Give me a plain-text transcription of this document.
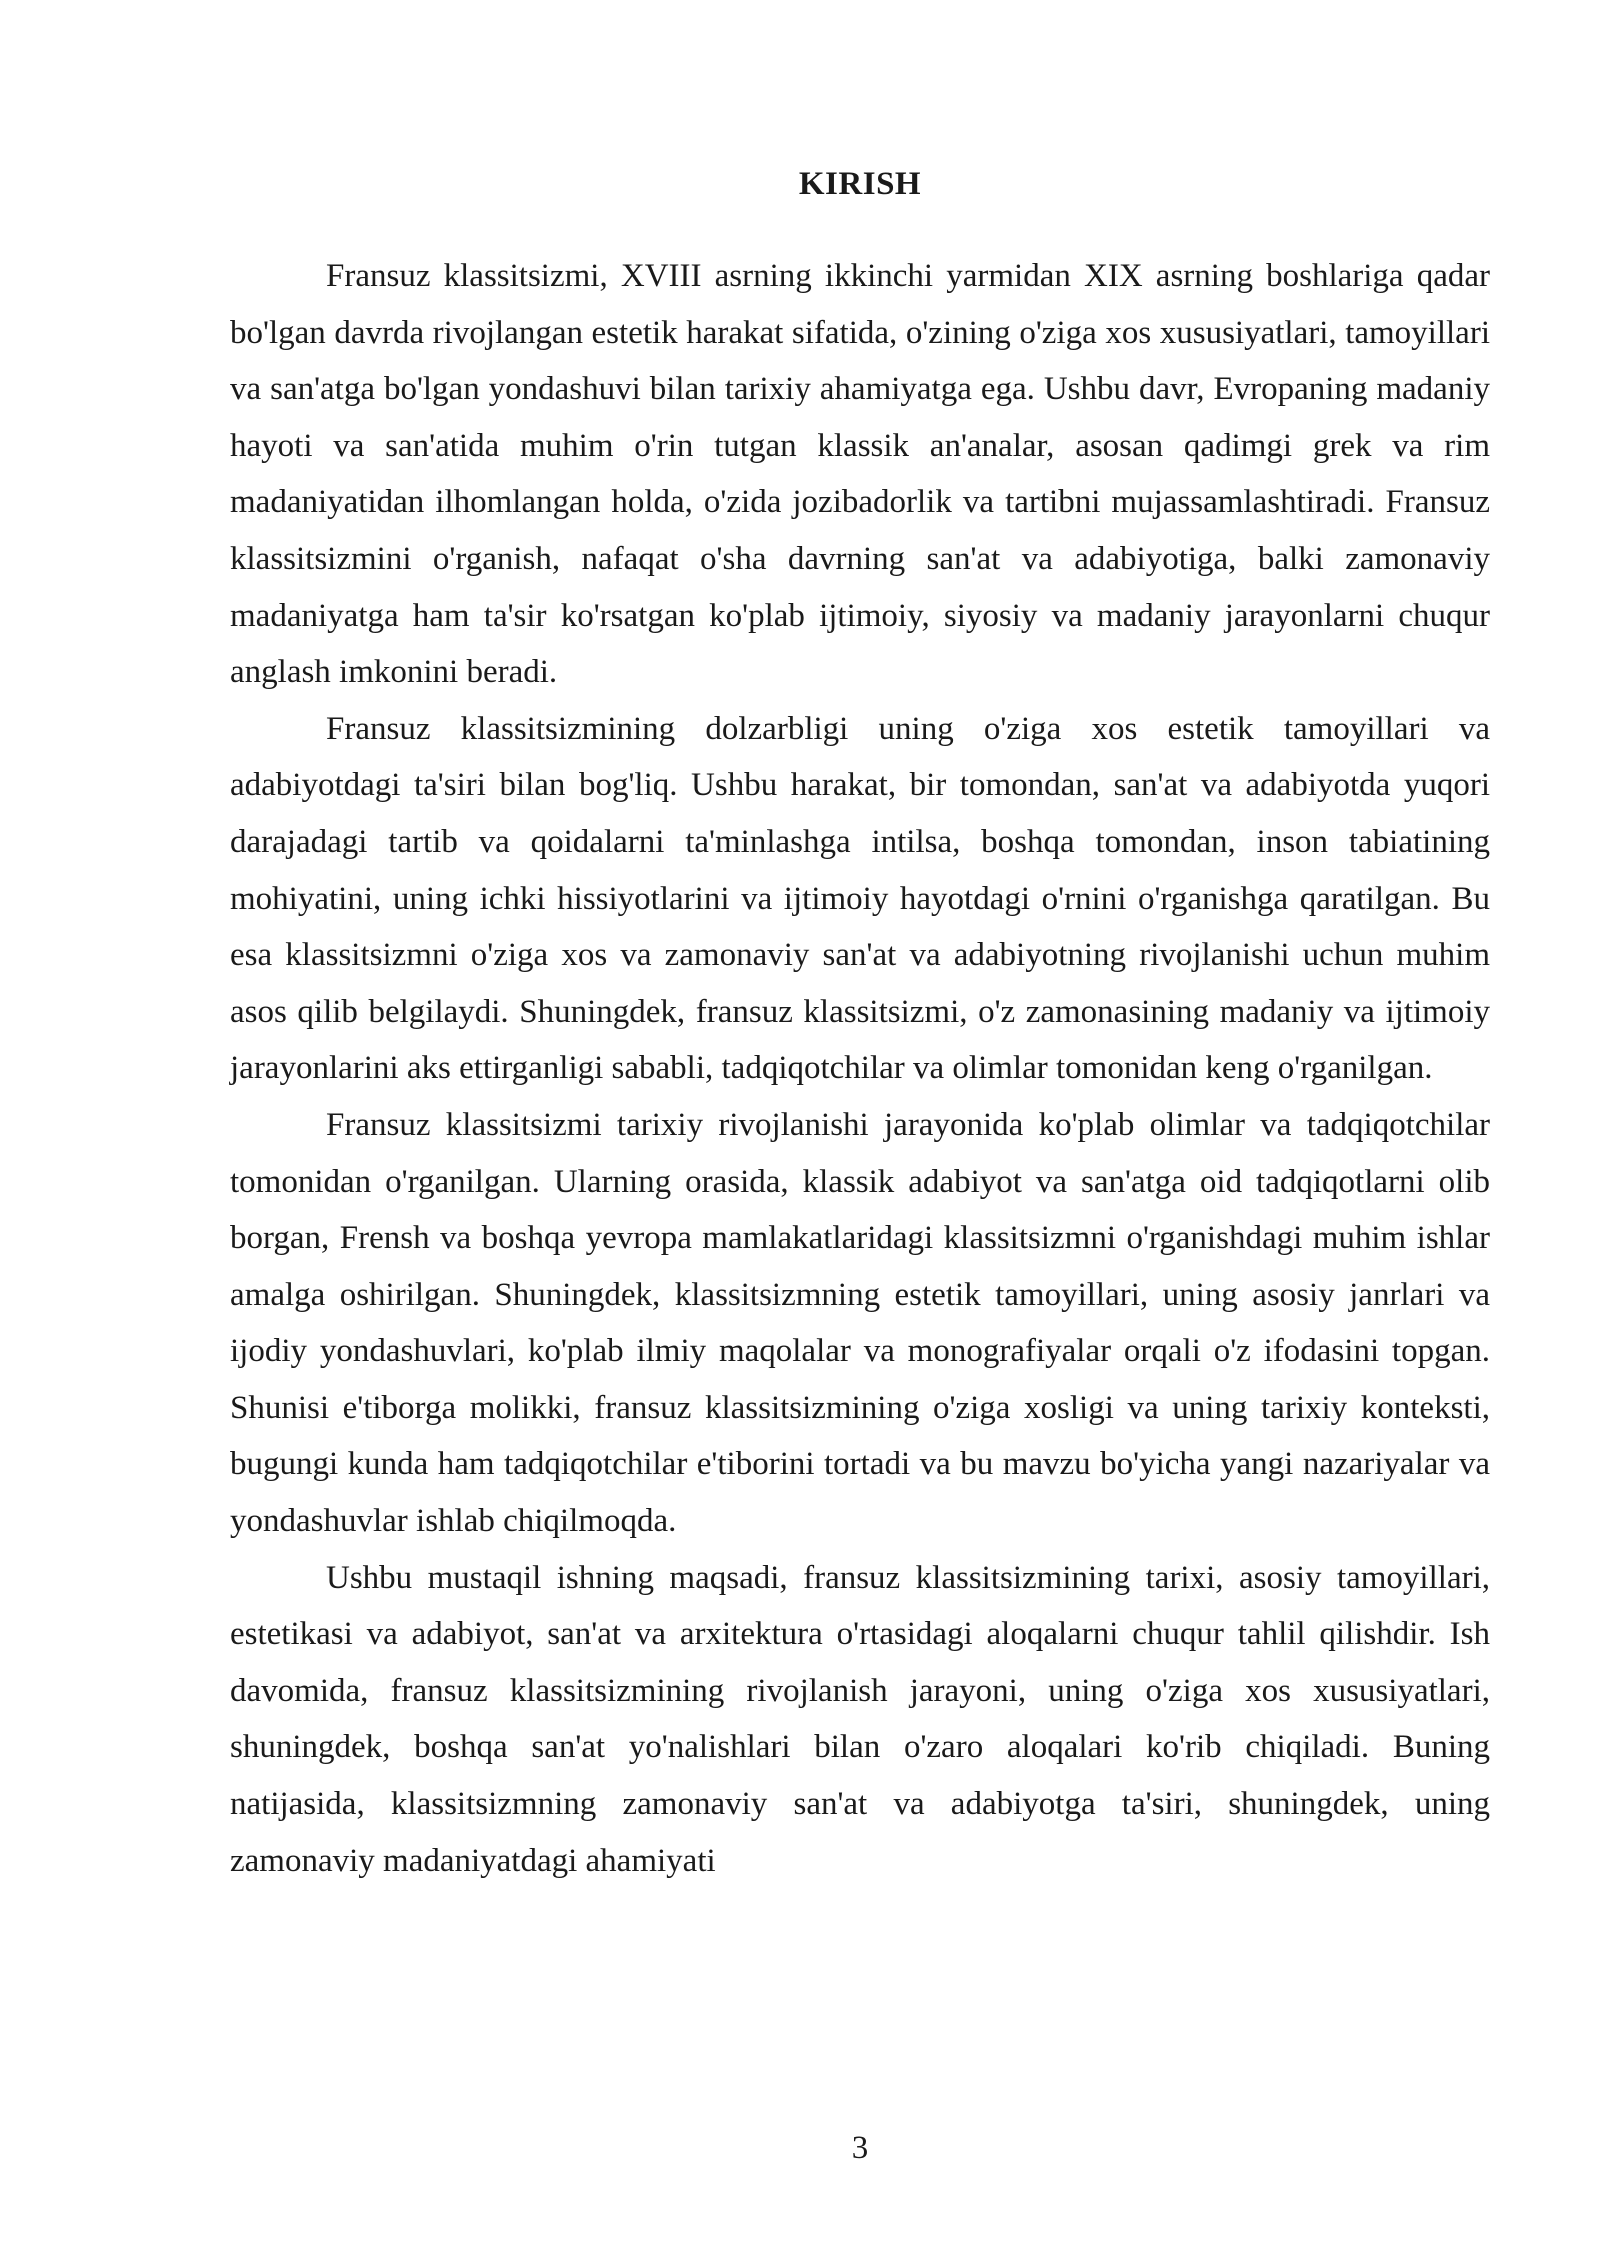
KIRISH

Fransuz klassitsizmi, XVIII asrning ikkinchi yarmidan XIX asrning boshlariga qadar bo'lgan davrda rivojlangan estetik harakat sifatida, o'zining o'ziga xos xususiyatlari, tamoyillari va san'atga bo'lgan yondashuvi bilan tarixiy ahamiyatga ega. Ushbu davr, Evropaning madaniy hayoti va san'atida muhim o'rin tutgan klassik an'analar, asosan qadimgi grek va rim madaniyatidan ilhomlangan holda, o'zida jozibadorlik va tartibni mujassamlashtiradi. Fransuz klassitsizmini o'rganish, nafaqat o'sha davrning san'at va adabiyotiga, balki zamonaviy madaniyatga ham ta'sir ko'rsatgan ko'plab ijtimoiy, siyosiy va madaniy jarayonlarni chuqur anglash imkonini beradi.

Fransuz klassitsizmining dolzarbligi uning o'ziga xos estetik tamoyillari va adabiyotdagi ta'siri bilan bog'liq. Ushbu harakat, bir tomondan, san'at va adabiyotda yuqori darajadagi tartib va qoidalarni ta'minlashga intilsa, boshqa tomondan, inson tabiatining mohiyatini, uning ichki hissiyotlarini va ijtimoiy hayotdagi o'rnini o'rganishga qaratilgan. Bu esa klassitsizmni o'ziga xos va zamonaviy san'at va adabiyotning rivojlanishi uchun muhim asos qilib belgilaydi. Shuningdek, fransuz klassitsizmi, o'z zamonasining madaniy va ijtimoiy jarayonlarini aks ettirganligi sababli, tadqiqotchilar va olimlar tomonidan keng o'rganilgan.

Fransuz klassitsizmi tarixiy rivojlanishi jarayonida ko'plab olimlar va tadqiqotchilar tomonidan o'rganilgan. Ularning orasida, klassik adabiyot va san'atga oid tadqiqotlarni olib borgan, Frensh va boshqa yevropa mamlakatlaridagi klassitsizmni o'rganishdagi muhim ishlar amalga oshirilgan. Shuningdek, klassitsizmning estetik tamoyillari, uning asosiy janrlari va ijodiy yondashuvlari, ko'plab ilmiy maqolalar va monografiyalar orqali o'z ifodasini topgan. Shunisi e'tiborga molikki, fransuz klassitsizmining o'ziga xosligi va uning tarixiy konteksti, bugungi kunda ham tadqiqotchilar e'tiborini tortadi va bu mavzu bo'yicha yangi nazariyalar va yondashuvlar ishlab chiqilmoqda.

Ushbu mustaqil ishning maqsadi, fransuz klassitsizmining tarixi, asosiy tamoyillari, estetikasi va adabiyot, san'at va arxitektura o'rtasidagi aloqalarni chuqur tahlil qilishdir. Ish davomida, fransuz klassitsizmining rivojlanish jarayoni, uning o'ziga xos xususiyatlari, shuningdek, boshqa san'at yo'nalishlari bilan o'zaro aloqalari ko'rib chiqiladi. Buning natijasida, klassitsizmning zamonaviy san'at va adabiyotga ta'siri, shuningdek, uning zamonaviy madaniyatdagi ahamiyati

3
